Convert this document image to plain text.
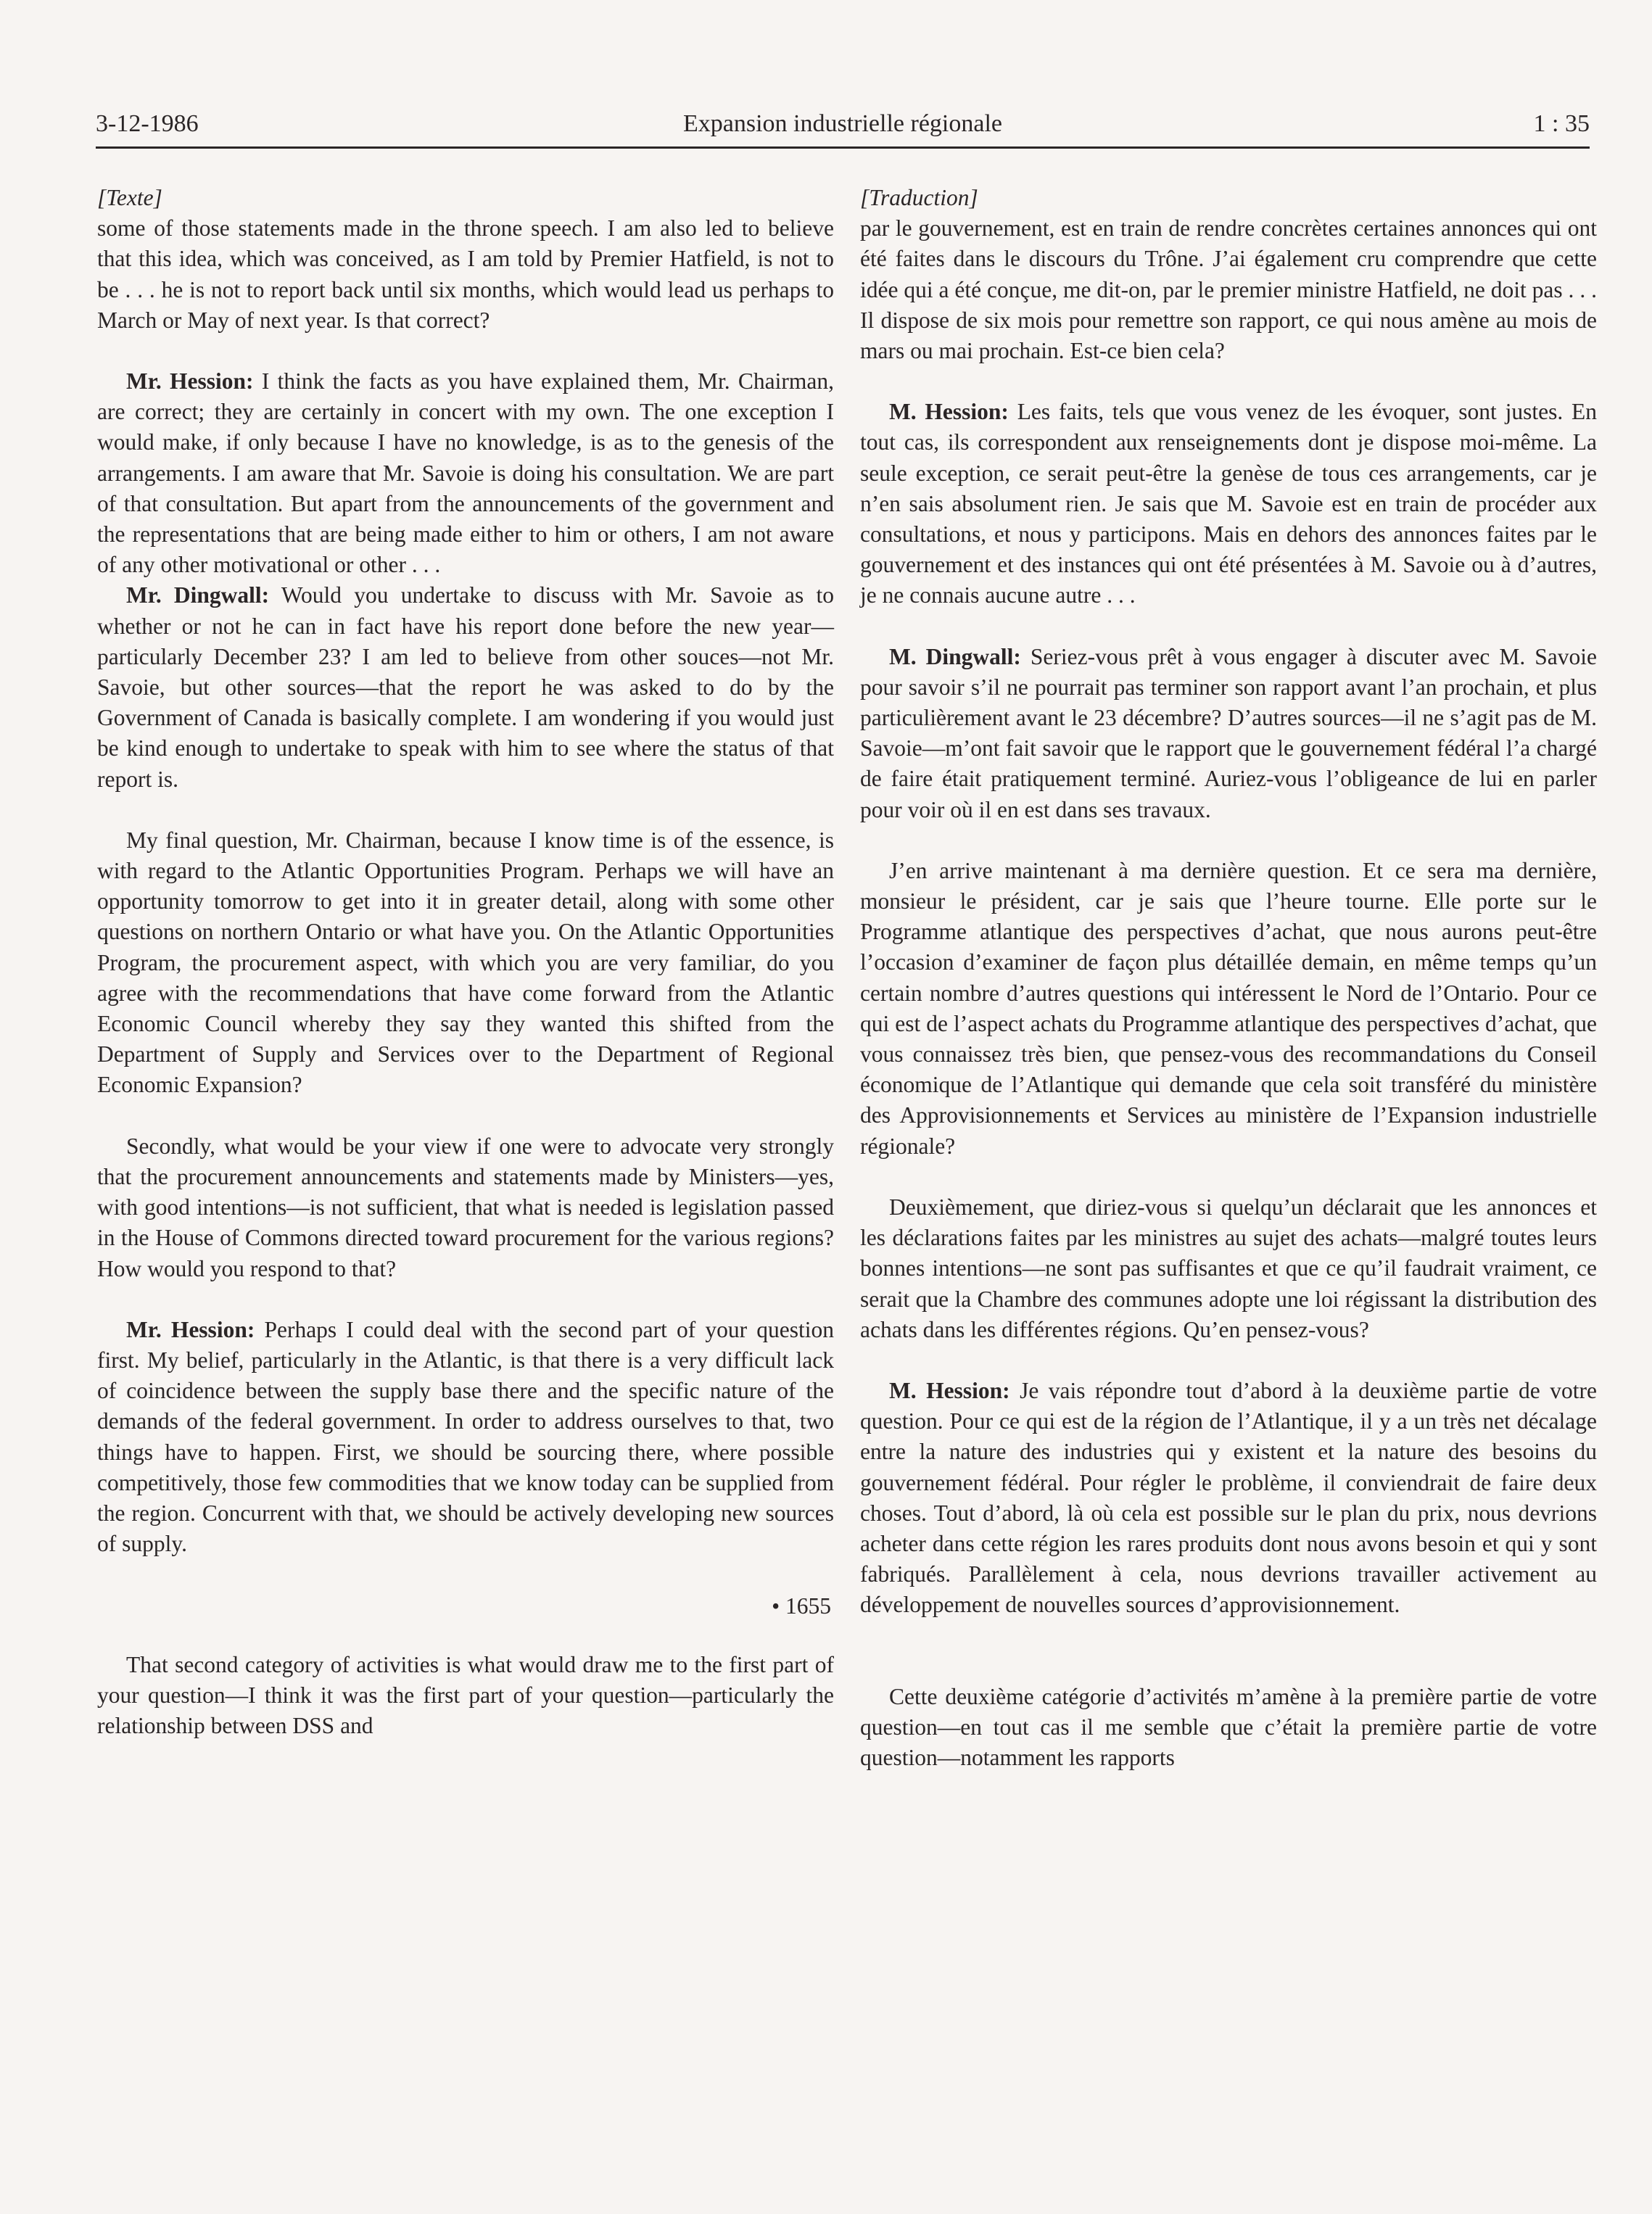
3-12-1986	Expansion industrielle régionale	1 : 35

[Texte]

some of those statements made in the throne speech. I am also led to believe that this idea, which was conceived, as I am told by Premier Hatfield, is not to be . . . he is not to report back until six months, which would lead us perhaps to March or May of next year. Is that correct?

Mr. Hession: I think the facts as you have explained them, Mr. Chairman, are correct; they are certainly in concert with my own. The one exception I would make, if only because I have no knowledge, is as to the genesis of the arrangements. I am aware that Mr. Savoie is doing his consultation. We are part of that consultation. But apart from the announcements of the government and the representations that are being made either to him or others, I am not aware of any other motivational or other . . .

Mr. Dingwall: Would you undertake to discuss with Mr. Savoie as to whether or not he can in fact have his report done before the new year—particularly December 23? I am led to believe from other souces—not Mr. Savoie, but other sources—that the report he was asked to do by the Government of Canada is basically complete. I am wondering if you would just be kind enough to undertake to speak with him to see where the status of that report is.

My final question, Mr. Chairman, because I know time is of the essence, is with regard to the Atlantic Opportunities Program. Perhaps we will have an opportunity tomorrow to get into it in greater detail, along with some other questions on northern Ontario or what have you. On the Atlantic Opportunities Program, the procurement aspect, with which you are very familiar, do you agree with the recommendations that have come forward from the Atlantic Economic Council whereby they say they wanted this shifted from the Department of Supply and Services over to the Department of Regional Economic Expansion?

Secondly, what would be your view if one were to advocate very strongly that the procurement announcements and statements made by Ministers—yes, with good intentions—is not sufficient, that what is needed is legislation passed in the House of Commons directed toward procurement for the various regions? How would you respond to that?

Mr. Hession: Perhaps I could deal with the second part of your question first. My belief, particularly in the Atlantic, is that there is a very difficult lack of coincidence between the supply base there and the specific nature of the demands of the federal government. In order to address ourselves to that, two things have to happen. First, we should be sourcing there, where possible competitively, those few commodities that we know today can be supplied from the region. Concurrent with that, we should be actively developing new sources of supply.

• 1655

That second category of activities is what would draw me to the first part of your question—I think it was the first part of your question—particularly the relationship between DSS and

[Traduction]

par le gouvernement, est en train de rendre concrètes certaines annonces qui ont été faites dans le discours du Trône. J’ai également cru comprendre que cette idée qui a été conçue, me dit-on, par le premier ministre Hatfield, ne doit pas . . . Il dispose de six mois pour remettre son rapport, ce qui nous amène au mois de mars ou mai prochain. Est-ce bien cela?

M. Hession: Les faits, tels que vous venez de les évoquer, sont justes. En tout cas, ils correspondent aux renseignements dont je dispose moi-même. La seule exception, ce serait peut-être la genèse de tous ces arrangements, car je n’en sais absolument rien. Je sais que M. Savoie est en train de procéder aux consultations, et nous y participons. Mais en dehors des annonces faites par le gouvernement et des instances qui ont été présentées à M. Savoie ou à d’autres, je ne connais aucune autre . . .

M. Dingwall: Seriez-vous prêt à vous engager à discuter avec M. Savoie pour savoir s’il ne pourrait pas terminer son rapport avant l’an prochain, et plus particulièrement avant le 23 décembre? D’autres sources—il ne s’agit pas de M. Savoie—m’ont fait savoir que le rapport que le gouvernement fédéral l’a chargé de faire était pratiquement terminé. Auriez-vous l’obligeance de lui en parler pour voir où il en est dans ses travaux.

J’en arrive maintenant à ma dernière question. Et ce sera ma dernière, monsieur le président, car je sais que l’heure tourne. Elle porte sur le Programme atlantique des perspectives d’achat, que nous aurons peut-être l’occasion d’examiner de façon plus détaillée demain, en même temps qu’un certain nombre d’autres questions qui intéressent le Nord de l’Ontario. Pour ce qui est de l’aspect achats du Programme atlantique des perspectives d’achat, que vous connaissez très bien, que pensez-vous des recommandations du Conseil économique de l’Atlantique qui demande que cela soit transféré du ministère des Approvisionnements et Services au ministère de l’Expansion industrielle régionale?

Deuxièmement, que diriez-vous si quelqu’un déclarait que les annonces et les déclarations faites par les ministres au sujet des achats—malgré toutes leurs bonnes intentions—ne sont pas suffisantes et que ce qu’il faudrait vraiment, ce serait que la Chambre des communes adopte une loi régissant la distribution des achats dans les différentes régions. Qu’en pensez-vous?

M. Hession: Je vais répondre tout d’abord à la deuxième partie de votre question. Pour ce qui est de la région de l’Atlantique, il y a un très net décalage entre la nature des industries qui y existent et la nature des besoins du gouvernement fédéral. Pour régler le problème, il conviendrait de faire deux choses. Tout d’abord, là où cela est possible sur le plan du prix, nous devrions acheter dans cette région les rares produits dont nous avons besoin et qui y sont fabriqués. Parallèlement à cela, nous devrions travailler activement au développement de nouvelles sources d’approvisionnement.

Cette deuxième catégorie d’activités m’amène à la première partie de votre question—en tout cas il me semble que c’était la première partie de votre question—notamment les rapports
